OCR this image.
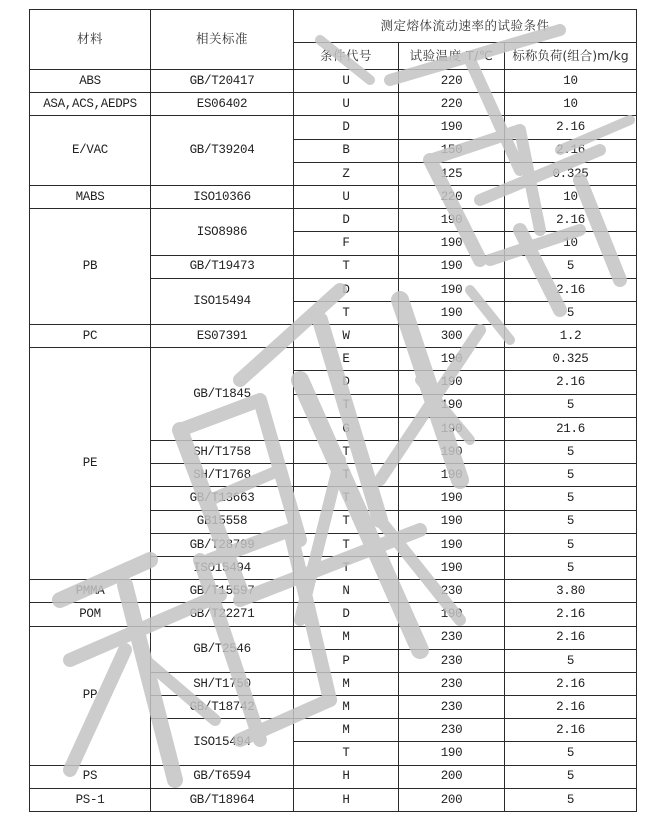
材料	相关标准	测定熔体流动速率的试验条件		
		条件代号	试验温度 T/℃	标称负荷(组合)m/kg
ABS	GB/T20417	U	220	10
ASA,ACS,AEDPS	ES06402	U	220	10
E/VAC	GB/T39204	D	190	2.16
		B	150	2.16
		Z	125	0.325
MABS	ISO10366	U	220	10
PB	ISO8986	D	190	2.16
		F	190	10
	GB/T19473	T	190	5
	ISO15494	D	190	2.16
		T	190	5
PC	ES07391	W	300	1.2
PE	GB/T1845	E	190	0.325
		D	190	2.16
		T	190	5
		G	190	21.6
	SH/T1758	T	190	5
	SH/T1768	T	190	5
	GB/T13663	T	190	5
	GB15558	T	190	5
	GB/T28799	T	190	5
	ISO15494	T	190	5
PMMA	GB/T15597	N	230	3.80
POM	GB/T22271	D	190	2.16
PP	GB/T2546	M	230	2.16
		P	230	5
	SH/T1750	M	230	2.16
	GB/T18742	M	230	2.16
	ISO15494	M	230	2.16
		T	190	5
PS	GB/T6594	H	200	5
PS-1	GB/T18964	H	200	5
